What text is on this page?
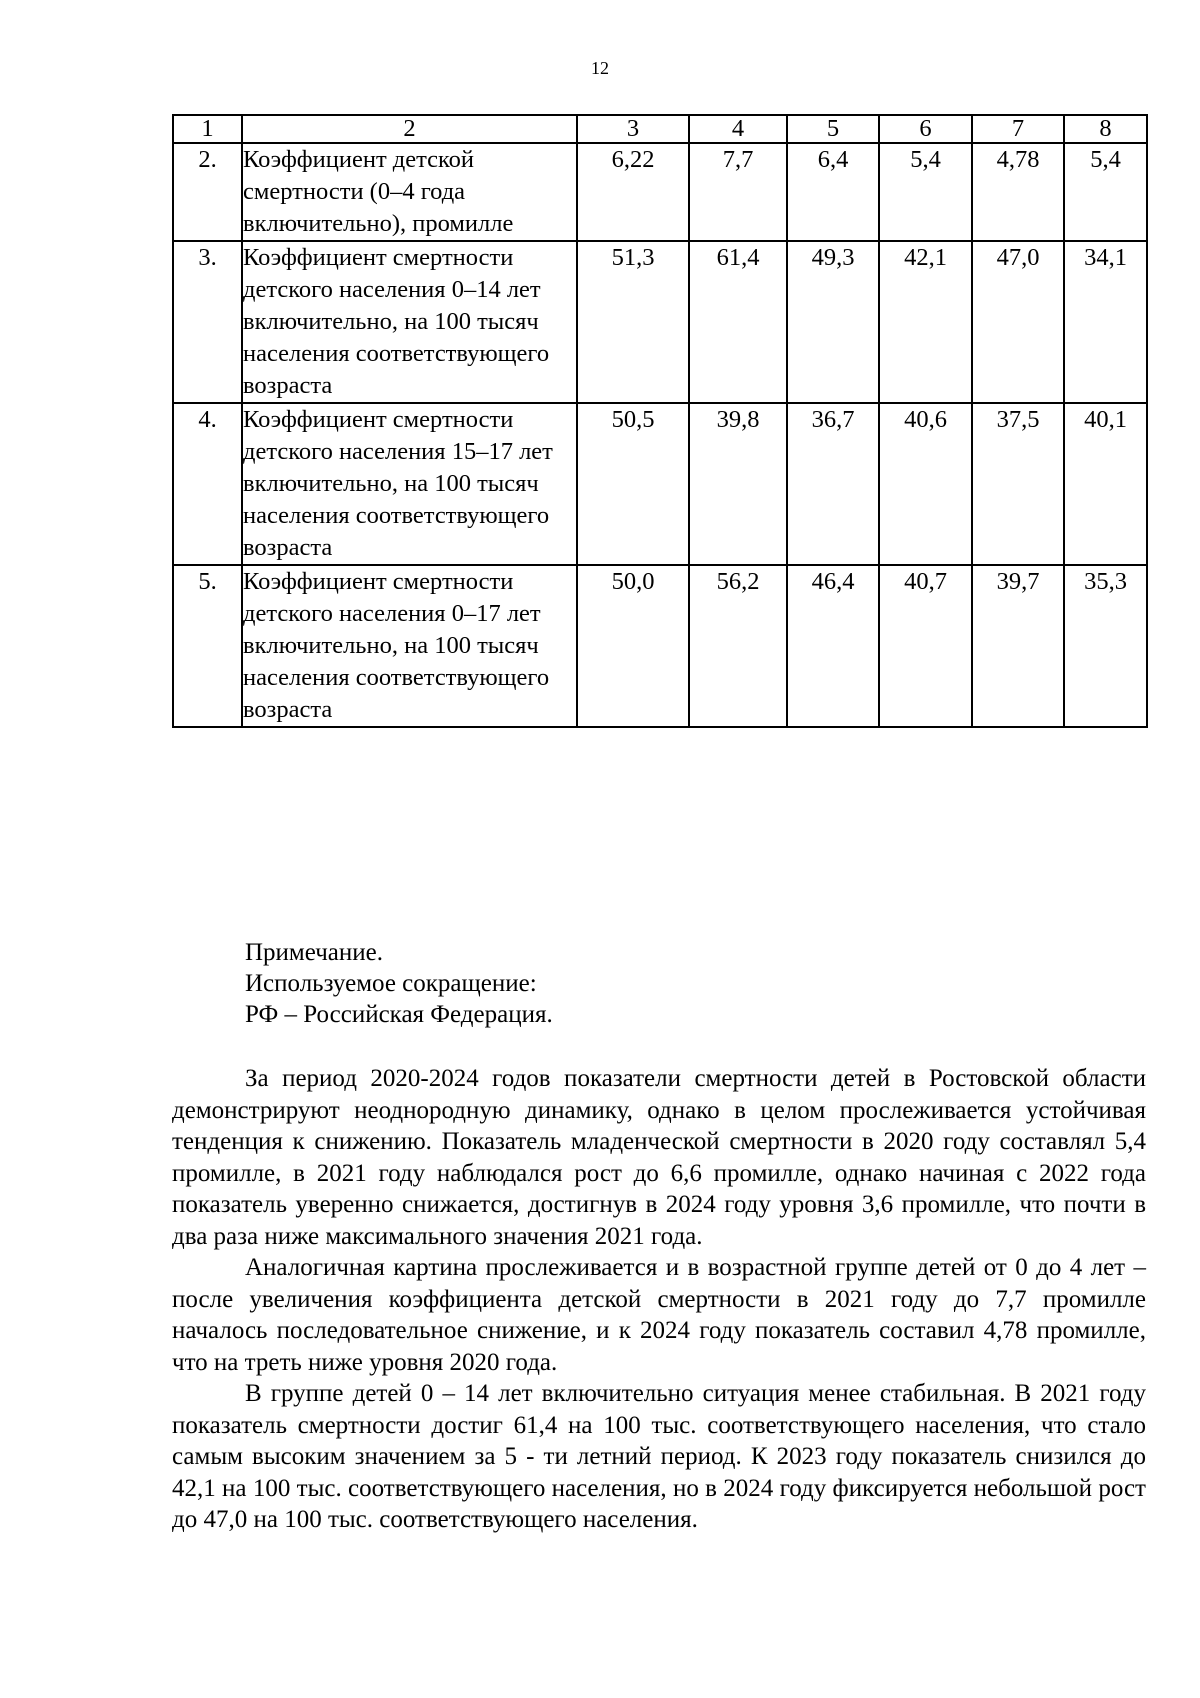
12
1	2	3	4	5	6	7	8
2.	Коэффициент детской смертности (0–4 года включительно), промилле	6,22	7,7	6,4	5,4	4,78	5,4
3.	Коэффициент смертности детского населения 0–14 лет включительно, на 100 тысяч населения соответствующего возраста	51,3	61,4	49,3	42,1	47,0	34,1
4.	Коэффициент смертности детского населения 15–17 лет включительно, на 100 тысяч населения соответствующего возраста	50,5	39,8	36,7	40,6	37,5	40,1
5.	Коэффициент смертности детского населения 0–17 лет включительно, на 100 тысяч населения соответствующего возраста	50,0	56,2	46,4	40,7	39,7	35,3
Примечание.
Используемое сокращение:
РФ – Российская Федерация.

За период 2020-2024 годов показатели смертности детей в Ростовской области демонстрируют неоднородную динамику, однако в целом прослеживается устойчивая тенденция к снижению. Показатель младенческой смертности в 2020 году составлял 5,4 промилле, в 2021 году наблюдался рост до 6,6 промилле, однако начиная с 2022 года показатель уверенно снижается, достигнув в 2024 году уровня 3,6 промилле, что почти в два раза ниже максимального значения 2021 года.

Аналогичная картина прослеживается и в возрастной группе детей от 0 до 4 лет – после увеличения коэффициента детской смертности в 2021 году до 7,7 промилле началось последовательное снижение, и к 2024 году показатель составил 4,78 промилле, что на треть ниже уровня 2020 года.

В группе детей 0 – 14 лет включительно ситуация менее стабильная. В 2021 году показатель смертности достиг 61,4 на 100 тыс. соответствующего населения, что стало самым высоким значением за 5 - ти летний период. К 2023 году показатель снизился до 42,1 на 100 тыс. соответствующего населения, но в 2024 году фиксируется небольшой рост до 47,0 на 100 тыс. соответствующего населения.
